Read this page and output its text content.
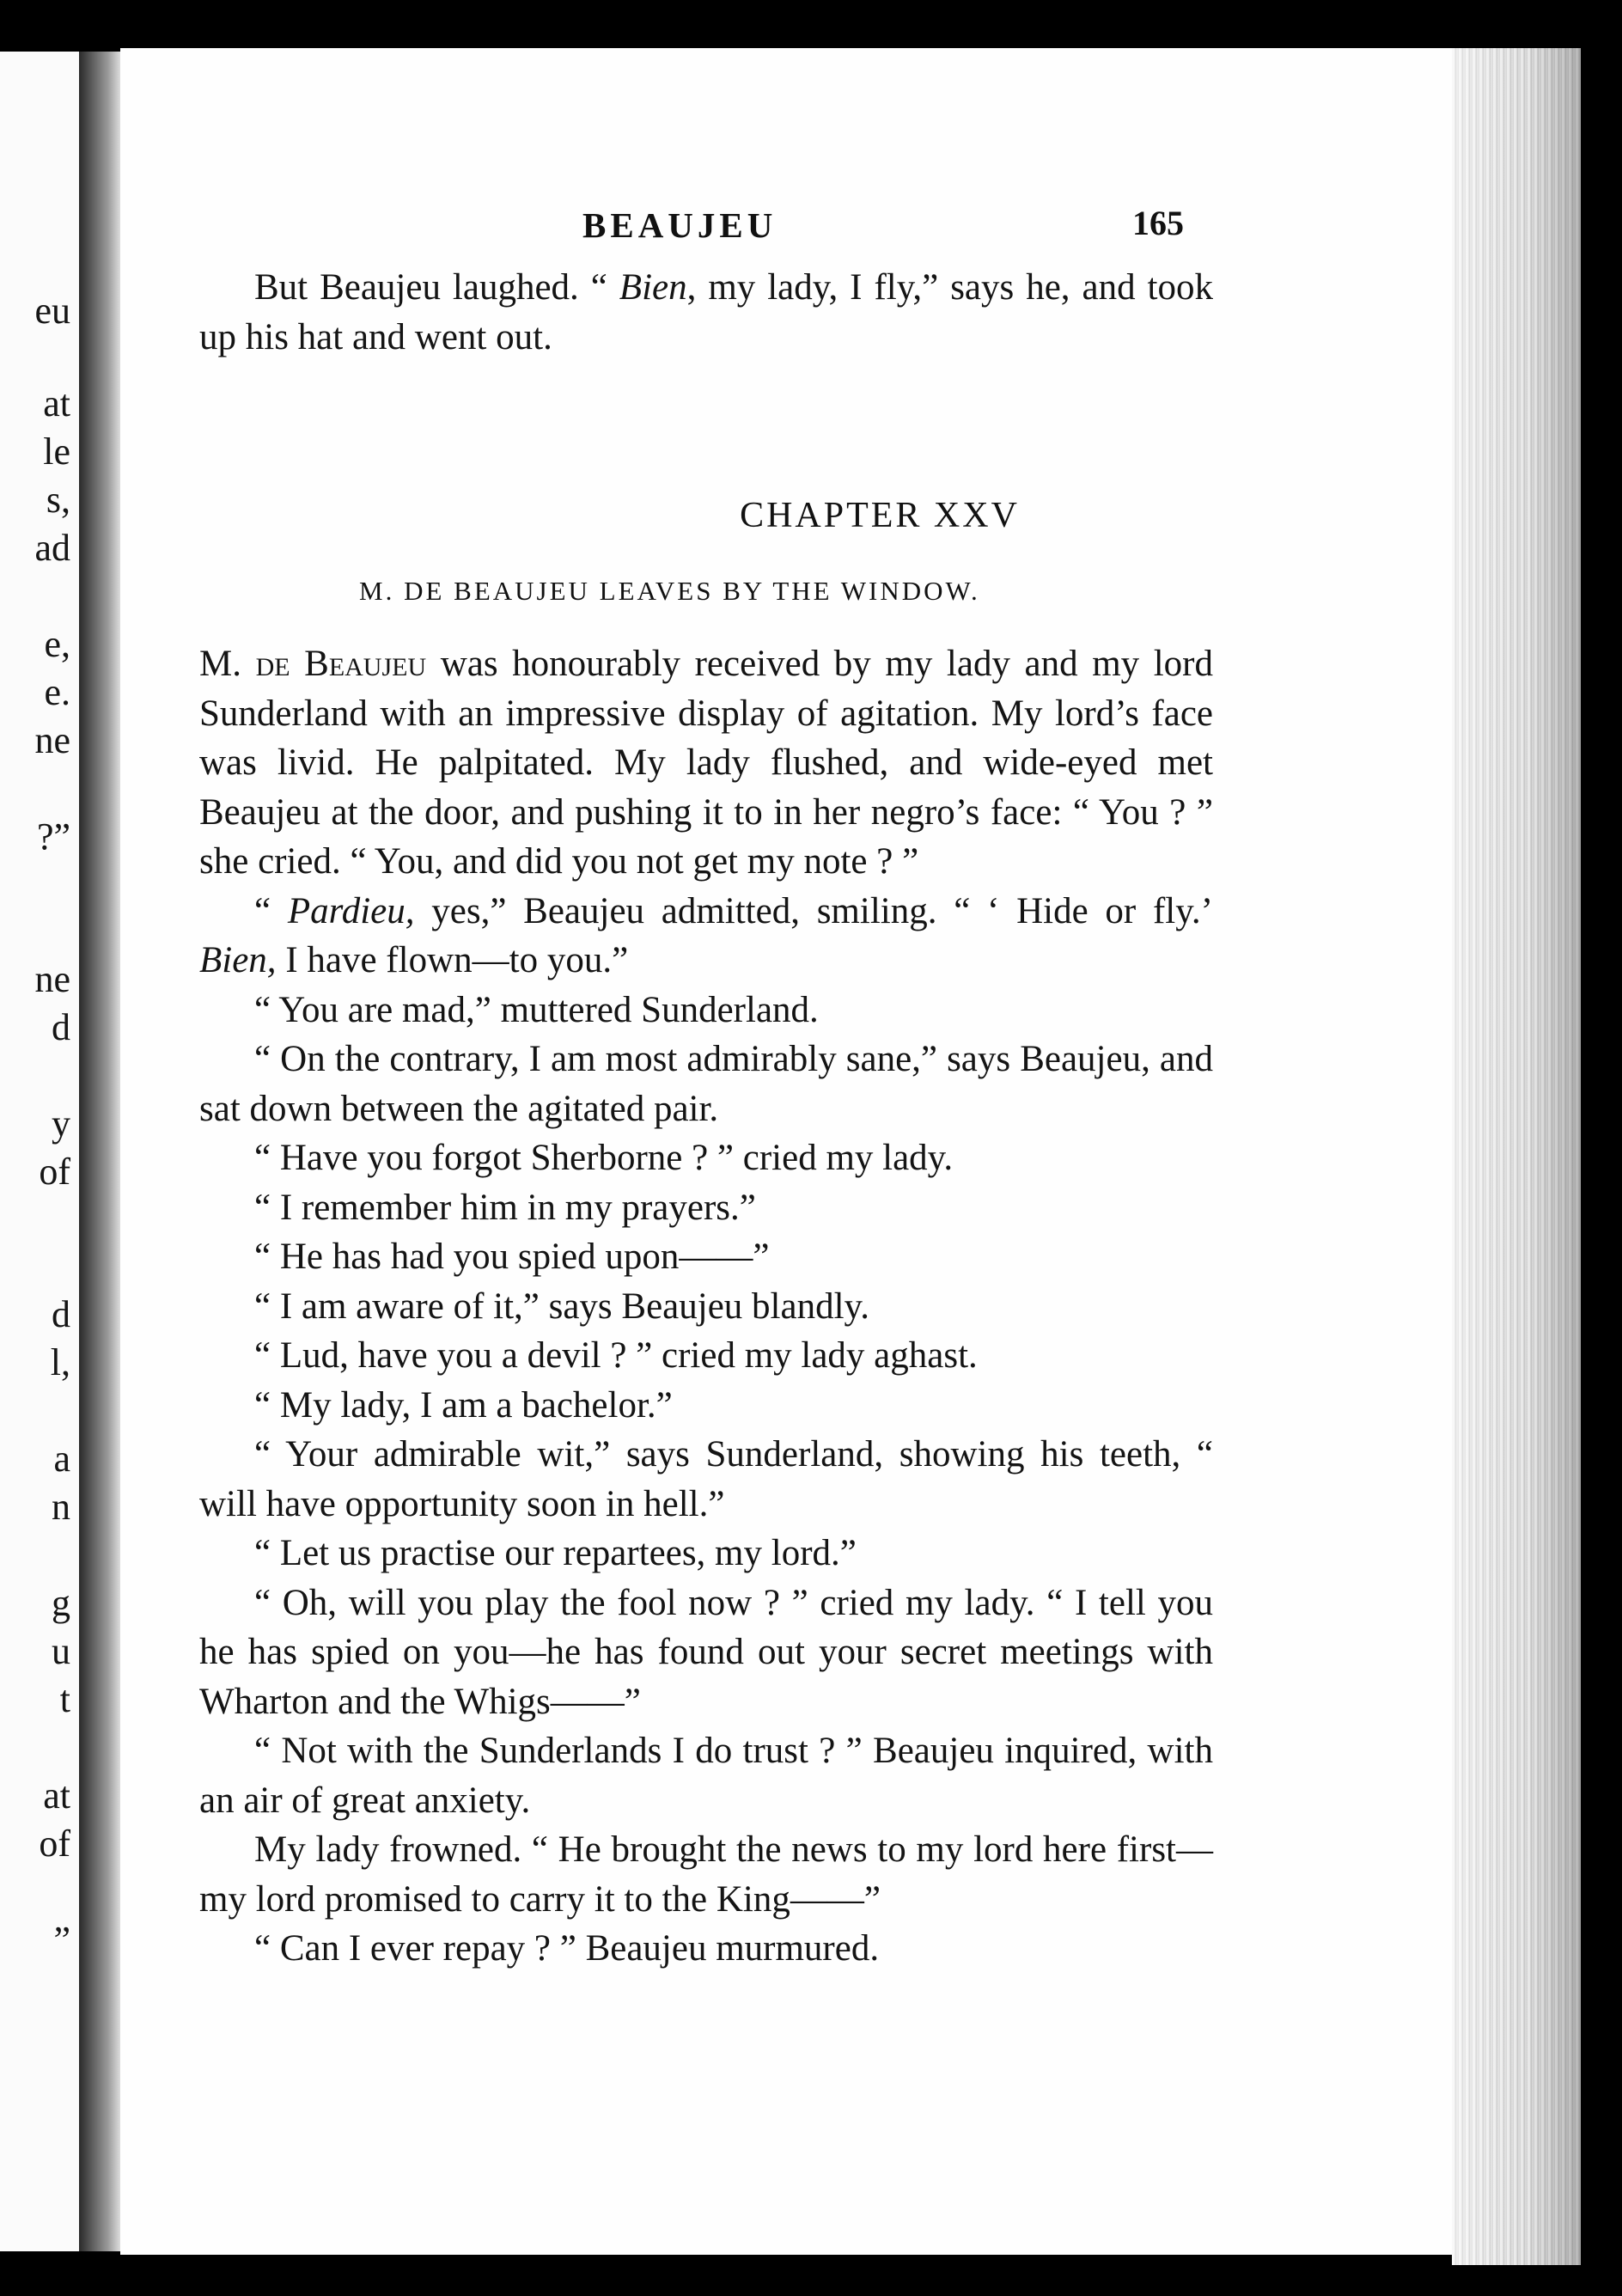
eu
at
le
s,
ad
e,
e.
ne
?”
ne
d
y
of
d
l,
a
n
g
u
t
at
of
”
BEAUJEU	165

But Beaujeu laughed. “ Bien, my lady, I fly,” says he, and took up his hat and went out.

CHAPTER XXV
M. DE BEAUJEU LEAVES BY THE WINDOW.

M. de Beaujeu was honourably received by my lady and my lord Sunderland with an impressive display of agitation. My lord’s face was livid. He palpitated. My lady flushed, and wide-eyed met Beaujeu at the door, and pushing it to in her negro’s face: “ You ? ” she cried. “ You, and did you not get my note ? ”

“ Pardieu, yes,” Beaujeu admitted, smiling. “ ‘ Hide or fly.’ Bien, I have flown—to you.”

“ You are mad,” muttered Sunderland.

“ On the contrary, I am most admirably sane,” says Beaujeu, and sat down between the agitated pair.

“ Have you forgot Sherborne ? ” cried my lady.

“ I remember him in my prayers.”

“ He has had you spied upon——”

“ I am aware of it,” says Beaujeu blandly.

“ Lud, have you a devil ? ” cried my lady aghast.

“ My lady, I am a bachelor.”

“ Your admirable wit,” says Sunderland, showing his teeth, “ will have opportunity soon in hell.”

“ Let us practise our repartees, my lord.”

“ Oh, will you play the fool now ? ” cried my lady. “ I tell you he has spied on you—he has found out your secret meetings with Wharton and the Whigs——”

“ Not with the Sunderlands I do trust ? ” Beaujeu inquired, with an air of great anxiety.

My lady frowned. “ He brought the news to my lord here first—my lord promised to carry it to the King——”

“ Can I ever repay ? ” Beaujeu murmured.
